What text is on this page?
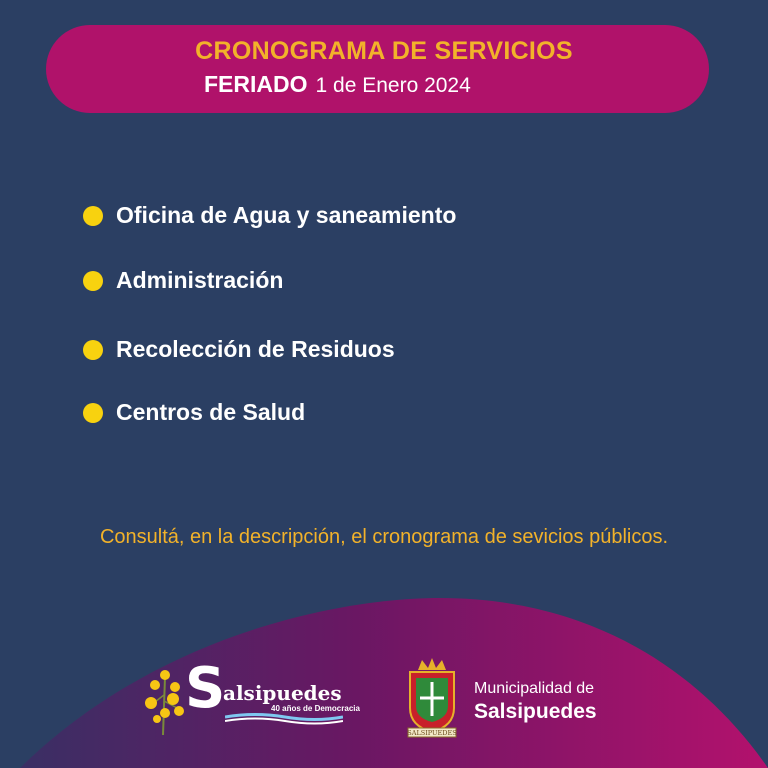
CRONOGRAMA DE SERVICIOS
FERIADO 1 de Enero 2024
Oficina de Agua y saneamiento
Administración
Recolección de Residuos
Centros de Salud
Consultá, en la descripción, el cronograma de sevicios públicos.
S
alsipuedes
40 años de Democracia
SALSIPUEDES
Municipalidad de
Salsipuedes
